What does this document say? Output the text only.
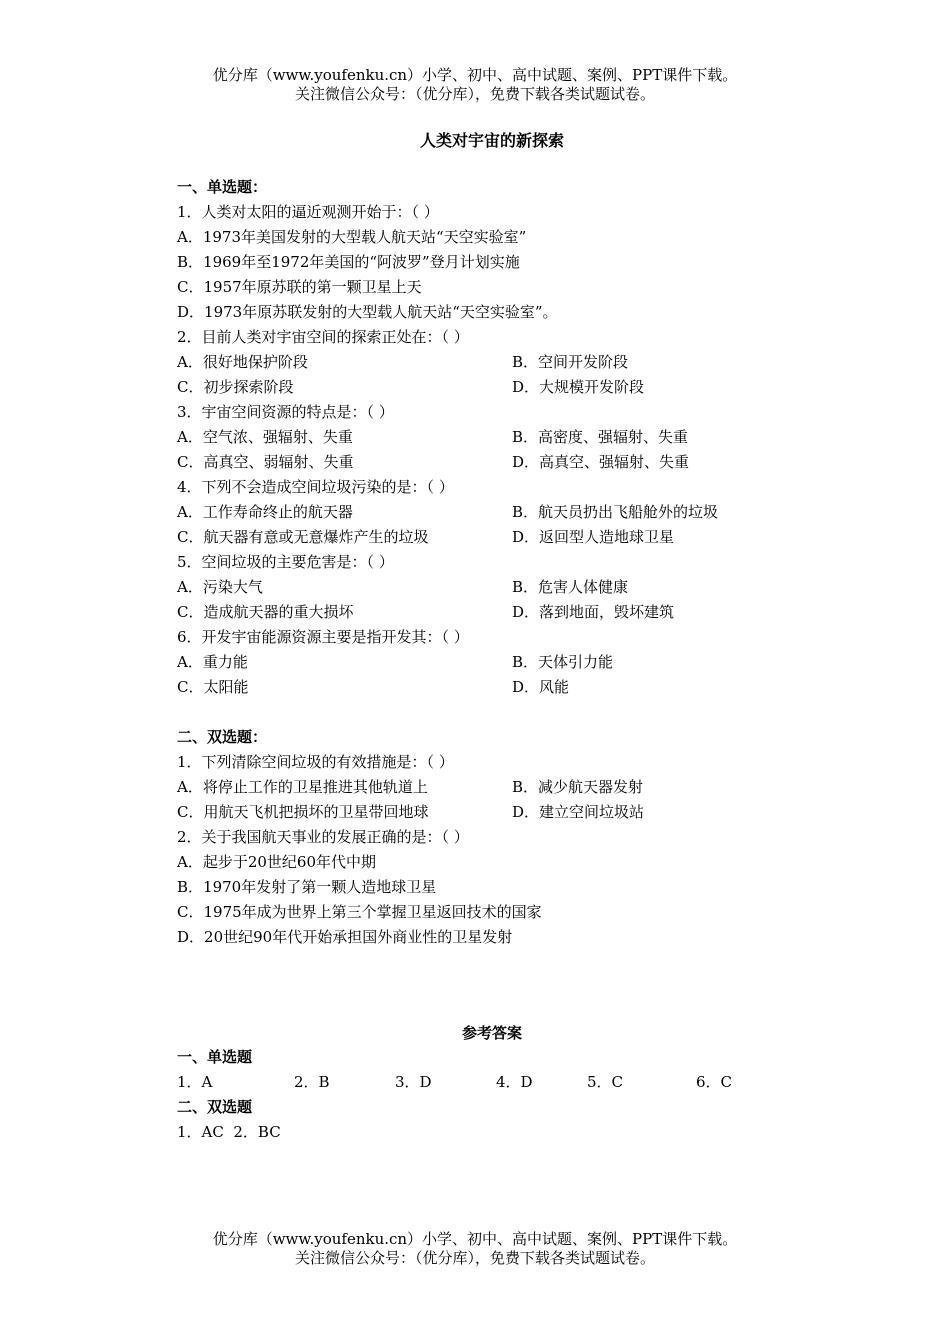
优分库（www.youfenku.cn）小学、初中、高中试题、案例、PPT课件下载。
关注微信公众号：（优分库），免费下载各类试题试卷。
人类对宇宙的新探索
一、单选题：
1．人类对太阳的逼近观测开始于：（ ）
A．1973年美国发射的大型载人航天站“天空实验室”
B．1969年至1972年美国的“阿波罗”登月计划实施
C．1957年原苏联的第一颗卫星上天
D．1973年原苏联发射的大型载人航天站“天空实验室”。
2．目前人类对宇宙空间的探索正处在：（ ）
A．很好地保护阶段	B．空间开发阶段
C．初步探索阶段	D．大规模开发阶段
3．宇宙空间资源的特点是：（ ）
A．空气浓、强辐射、失重	B．高密度、强辐射、失重
C．高真空、弱辐射、失重	D．高真空、强辐射、失重
4．下列不会造成空间垃圾污染的是：（ ）
A．工作寿命终止的航天器	B．航天员扔出飞船舱外的垃圾
C．航天器有意或无意爆炸产生的垃圾	D．返回型人造地球卫星
5．空间垃圾的主要危害是：（ ）
A．污染大气	B．危害人体健康
C．造成航天器的重大损坏	D．落到地面，毁坏建筑
6．开发宇宙能源资源主要是指开发其：（ ）
A．重力能	B．天体引力能
C．太阳能	D．风能
二、双选题：
1．下列清除空间垃圾的有效措施是：（ ）
A．将停止工作的卫星推进其他轨道上	B．减少航天器发射
C．用航天飞机把损坏的卫星带回地球	D．建立空间垃圾站
2．关于我国航天事业的发展正确的是：（ ）
A．起步于20世纪60年代中期
B．1970年发射了第一颗人造地球卫星
C．1975年成为世界上第三个掌握卫星返回技术的国家
D．20世纪90年代开始承担国外商业性的卫星发射
参考答案
一、单选题
1．A	2．B	3．D	4．D	5．C	6．C
二、双选题
1．AC  2．BC
优分库（www.youfenku.cn）小学、初中、高中试题、案例、PPT课件下载。
关注微信公众号：（优分库），免费下载各类试题试卷。
